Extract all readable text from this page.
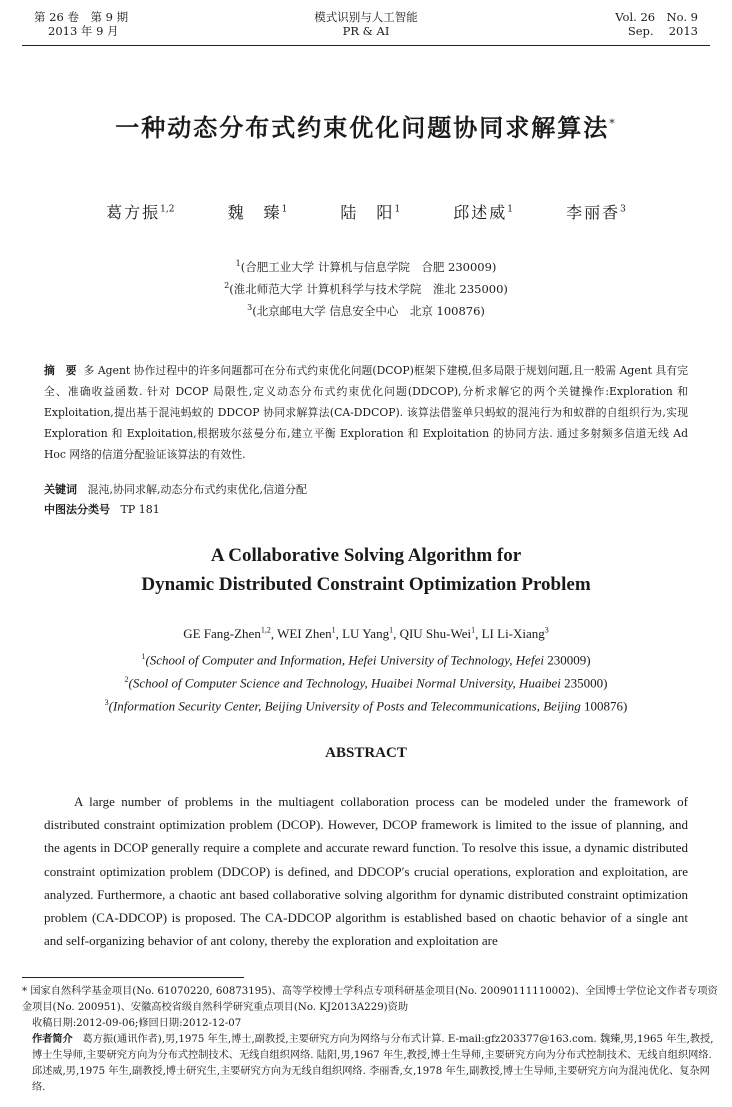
第 26 卷　第 9 期
2013 年 9 月
模式识别与人工智能
PR & AI
Vol. 26　No. 9
Sep.　 2013
一种动态分布式约束优化问题协同求解算法*
葛方振$^{1,2}$	魏　臻$^1$	陆　阳$^1$	邱述威$^1$	李丽香$^3$
$^1$(合肥工业大学 计算机与信息学院　合肥 230009)
$^2$(淮北师范大学 计算机科学与技术学院　淮北 235000)
$^3$(北京邮电大学 信息安全中心　北京 100876)
摘　要 多 Agent 协作过程中的许多问题都可在分布式约束优化问题(DCOP)框架下建模,但多局限于规划问题,且一般需 Agent 具有完全、准确收益函数. 针对 DCOP 局限性,定义动态分布式约束优化问题(DDCOP),分析求解它的两个关键操作:Exploration 和 Exploitation,提出基于混沌蚂蚁的 DDCOP 协同求解算法(CA-DDCOP). 该算法借鉴单只蚂蚁的混沌行为和蚁群的自组织行为,实现 Exploration 和 Exploitation,根据玻尔兹曼分布,建立平衡 Exploration 和 Exploitation 的协同方法. 通过多射频多信道无线 Ad Hoc 网络的信道分配验证该算法的有效性.
关键词 混沌,协同求解,动态分布式约束优化,信道分配
中图法分类号 TP 181
A Collaborative Solving Algorithm for
Dynamic Distributed Constraint Optimization Problem
GE Fang-Zhen$^{1,2}$, WEI Zhen$^1$, LU Yang$^1$, QIU Shu-Wei$^1$, LI Li-Xiang$^3$
$^1$(School of Computer and Information, Hefei University of Technology, Hefei 230009)
$^2$(School of Computer Science and Technology, Huaibei Normal University, Huaibei 235000)
$^3$(Information Security Center, Beijing University of Posts and Telecommunications, Beijing 100876)
ABSTRACT
A large number of problems in the multiagent collaboration process can be modeled under the framework of distributed constraint optimization problem (DCOP). However, DCOP framework is limited to the issue of planning, and the agents in DCOP generally require a complete and accurate reward function. To resolve this issue, a dynamic distributed constraint optimization problem (DDCOP) is defined, and DDCOP′s crucial operations, exploration and exploitation, are analyzed. Furthermore, a chaotic ant based collaborative solving algorithm for dynamic distributed constraint optimization problem (CA-DDCOP) is proposed. The CA-DDCOP algorithm is established based on chaotic behavior of a single ant and self-organizing behavior of ant colony, thereby the exploration and exploitation are

* 国家自然科学基金项目(No. 61070220, 60873195)、高等学校博士学科点专项科研基金项目(No. 20090111110002)、全国博士学位论文作者专项资金项目(No. 200951)、安徽高校省级自然科学研究重点项目(No. KJ2013A229)资助

收稿日期:2012-09-06;修回日期:2012-12-07

作者简介 葛方振(通讯作者),男,1975 年生,博士,副教授,主要研究方向为网络与分布式计算. E-mail:gfz203377@163.com. 魏臻,男,1965 年生,教授,博士生导师,主要研究方向为分布式控制技术、无线自组织网络. 陆阳,男,1967 年生,教授,博士生导师,主要研究方向为分布式控制技术、无线自组织网络. 邱述威,男,1975 年生,副教授,博士研究生,主要研究方向为无线自组织网络. 李丽香,女,1978 年生,副教授,博士生导师,主要研究方向为混沌优化、复杂网络.
